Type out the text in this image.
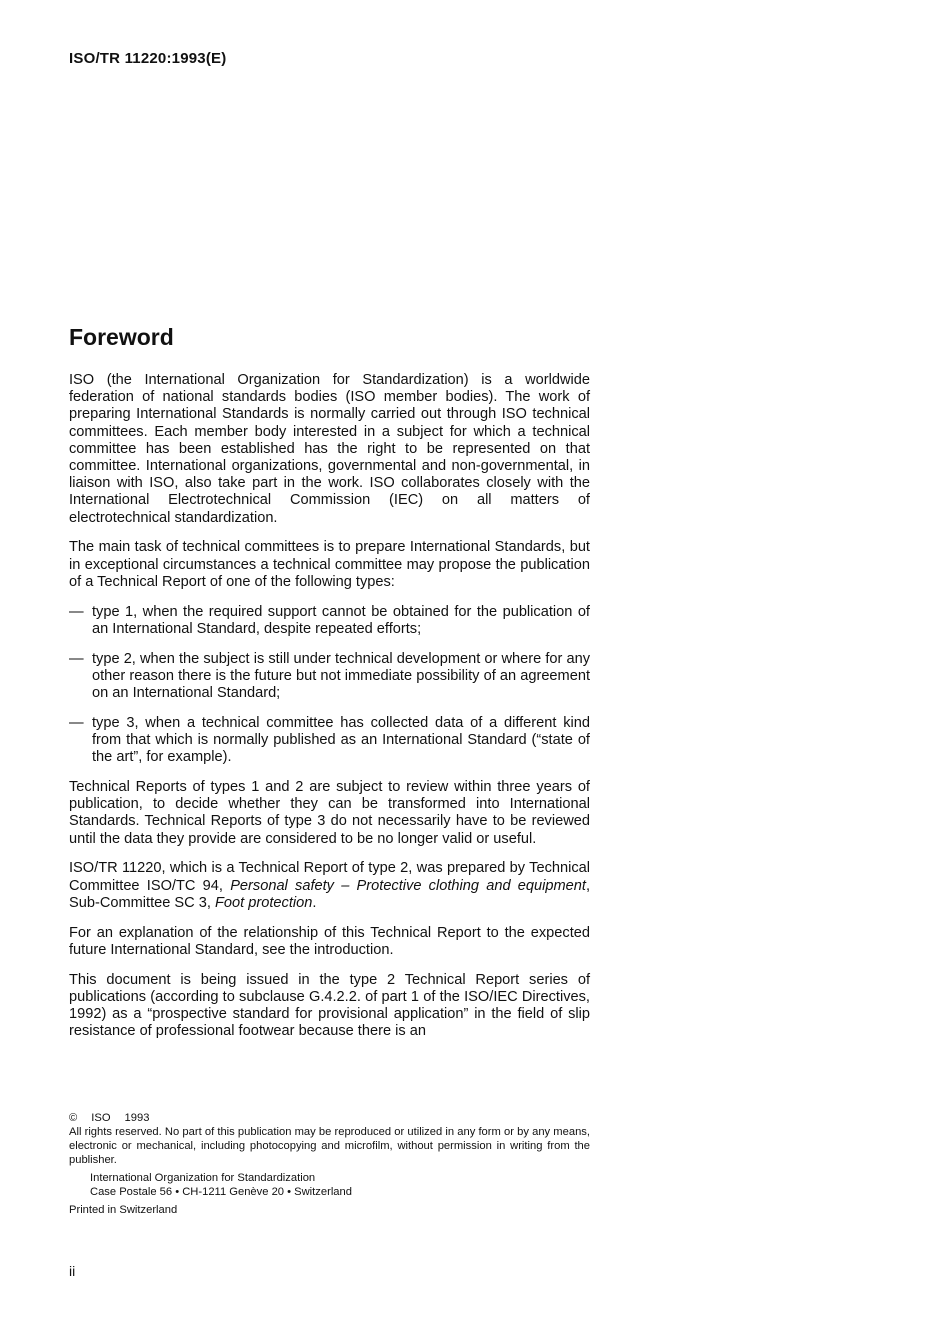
ISO/TR 11220:1993(E)
Foreword

ISO (the International Organization for Standardization) is a worldwide federation of national standards bodies (ISO member bodies). The work of preparing International Standards is normally carried out through ISO technical committees. Each member body interested in a subject for which a technical committee has been established has the right to be represented on that committee. International organizations, governmental and non-governmental, in liaison with ISO, also take part in the work. ISO collaborates closely with the International Electrotechnical Commission (IEC) on all matters of electrotechnical standardization.

The main task of technical committees is to prepare International Standards, but in exceptional circumstances a technical committee may propose the publication of a Technical Report of one of the following types:

— type 1, when the required support cannot be obtained for the publication of an International Standard, despite repeated efforts;
— type 2, when the subject is still under technical development or where for any other reason there is the future but not immediate possibility of an agreement on an International Standard;
— type 3, when a technical committee has collected data of a different kind from that which is normally published as an International Standard (“state of the art”, for example).

Technical Reports of types 1 and 2 are subject to review within three years of publication, to decide whether they can be transformed into International Standards. Technical Reports of type 3 do not necessarily have to be reviewed until the data they provide are considered to be no longer valid or useful.

ISO/TR 11220, which is a Technical Report of type 2, was prepared by Technical Committee ISO/TC 94, Personal safety – Protective clothing and equipment, Sub-Committee SC 3, Foot protection.

For an explanation of the relationship of this Technical Report to the expected future International Standard, see the introduction.

This document is being issued in the type 2 Technical Report series of publications (according to subclause G.4.2.2. of part 1 of the ISO/IEC Directives, 1992) as a “prospective standard for provisional application” in the field of slip resistance of professional footwear because there is an

© ISO 1993

All rights reserved. No part of this publication may be reproduced or utilized in any form or by any means, electronic or mechanical, including photocopying and microfilm, without permission in writing from the publisher.

International Organization for Standardization
Case Postale 56 • CH-1211 Genève 20 • Switzerland

Printed in Switzerland

ii
